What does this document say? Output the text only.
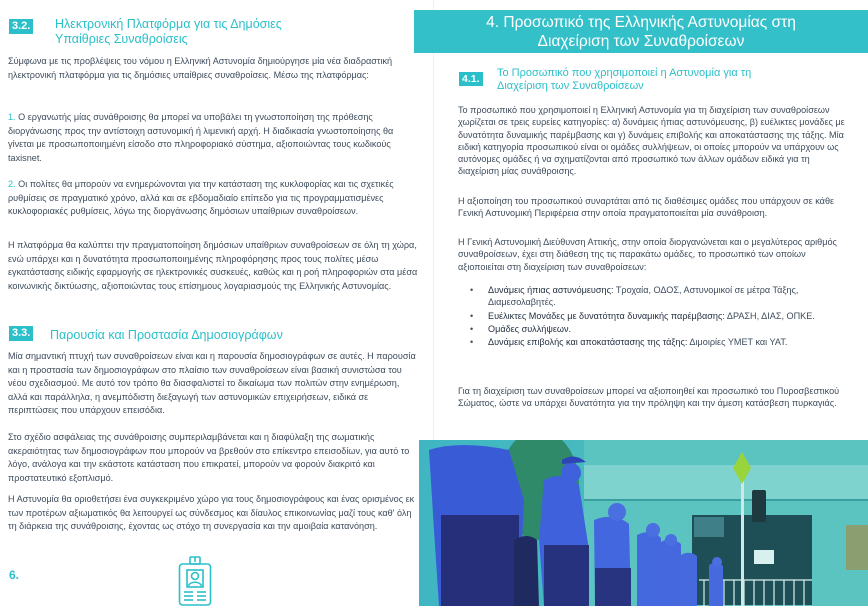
3.2. Ηλεκτρονική Πλατφόρμα για τις Δημόσιες
Υπαίθριες Συναθροίσεις

Σύμφωνα με τις προβλέψεις του νόμου η Ελληνική Αστυνομία δημιούργησε μία νέα διαδραστική ηλεκτρονική πλατφόρμα για τις δημόσιες υπαίθριες συναθροίσεις. Μέσω της πλατφόρμας:

1. Ο εργανωτής μίας συνάθροισης θα μπορεί να υποβάλει τη γνωστοποίηση της πρόθεσης διοργάνωσης προς την αντίστοιχη αστυνομική ή λιμενική αρχή. Η διαδικασία γνωστοποίησης θα γίνεται με προσωποποιημένη είσοδο στο πληροφοριακό σύστημα, αξιοποιώντας τους κωδικούς taxisnet.

2. Οι πολίτες θα μπορούν να ενημερώνονται για την κατάσταση της κυκλοφορίας και τις σχετικές ρυθμίσεις σε πραγματικό χρόνο, αλλά και σε εβδομαδιαίο επίπεδο για τις προγραμματισμένες κυκλοφοριακές ρυθμίσεις, λόγω της διοργάνωσης δημόσιων υπαίθριων συναθροίσεων.

Η πλατφόρμα θα καλύπτει την πραγματοποίηση δημόσιων υπαίθριων συναθροίσεων σε όλη τη χώρα, ενώ υπάρχει και η δυνατότητα προσωποποιημένης πληροφόρησης προς τους πολίτες μέσω εγκατάστασης ειδικής εφαρμογής σε ηλεκτρονικές συσκευές, καθώς και η ροή πληροφοριών στα μέσα κοινωνικής δικτύωσης, αξιοποιώντας τους επίσημους λογαριασμούς της Ελληνικής Αστυνομίας.

3.3. Παρουσία και Προστασία Δημοσιογράφων

Μία σημαντική πτυχή των συναθροίσεων είναι και η παρουσία δημοσιογράφων σε αυτές. Η παρουσία και η προστασία των δημοσιογράφων στο πλαίσιο των συναθροίσεων είναι βασική συνιστώσα του νέου σχεδιασμού. Με αυτό τον τρόπο θα διασφαλιστεί το δικαίωμα των πολιτών στην ενημέρωση, αλλά και παράλληλα, η ανεμπόδιστη διεξαγωγή των αστυνομικών επιχειρήσεων, ειδικά σε περιπτώσεις που υπάρχουν επεισόδια.

Στο σχέδιο ασφάλειας της συνάθροισης συμπεριλαμβάνεται και η διαφύλαξη της σωματικής ακεραιότητας των δημοσιογράφων που μπορούν να βρεθούν στο επίκεντρο επεισοδίων, για αυτό το λόγο, ανάλογα και την εκάστοτε κατάσταση που επικρατεί, μπορούν να φορούν διακριτό και προστατευτικό εξοπλισμό.

Η Αστυνομία θα οριοθετήσει ένα συγκεκριμένο χώρο για τους δημοσιογράφους και ένας ορισμένος εκ των προτέρων αξιωματικός θα λειτουργεί ως σύνδεσμος και δίαυλος επικοινωνίας μαζί τους καθ' όλη τη διάρκεια της συνάθροισης, έχοντας ως στόχο τη συνεργασία και την αμοιβαία κατανόηση.

6.
4. Προσωπικό της Ελληνικής Αστυνομίας στη
Διαχείριση των Συναθροίσεων
4.1. Το Προσωπικό που χρησιμοποιεί η Αστυνομία για τη
Διαχείριση των Συναθροίσεων

Το προσωπικό που χρησιμοποιεί η Ελληνική Αστυνομία για τη διαχείριση των συναθροίσεων χωρίζεται σε τρεις ευρείες κατηγορίες: α) δυνάμεις ήπιας αστυνόμευσης, β) ευέλικτες μονάδες με δυνατότητα δυναμικής παρέμβασης και γ) δυνάμεις επιβολής και αποκατάστασης της τάξης. Μία ειδική κατηγορία προσωπικού είναι οι ομάδες συλλήψεων, οι οποίες μπορούν να υπάρχουν ως αυτόνομες ομάδες ή να σχηματίζονται από προσωπικό των άλλων ομάδων ειδικά για τη διαχείριση μίας συνάθροισης.

Η αξιοποίηση του προσωπικού συναρτάται από τις διαθέσιμες ομάδες που υπάρχουν σε κάθε Γενική Αστυνομική Περιφέρεια στην οποία πραγματοποιείται μία συνάθροιση.

Η Γενική Αστυνομική Διεύθυνση Αττικής, στην οποία διοργανώνεται και ο μεγαλύτερος αριθμός συναθροίσεων, έχει στη διάθεση της τις παρακάτω ομάδες, το προσωπικό των οποίων αξιοποιείται στη διαχείριση των συναθροίσεων:

• Δυνάμεις ήπιας αστυνόμευσης: Τροχαία, ΟΔΟΣ, Αστυνομικοί σε μέτρα Τάξης, Διαμεσολαβητές.
• Ευέλικτες Μονάδες με δυνατότητα δυναμικής παρέμβασης: ΔΡΑΣΗ, ΔΙΑΣ, ΟΠΚΕ.
• Ομάδες συλλήψεων.
• Δυνάμεις επιβολής και αποκατάστασης της τάξης: Διμοιρίες ΥΜΕΤ και ΥΑΤ.

Για τη διαχείριση των συναθροίσεων μπορεί να αξιοποιηθεί και προσωπικό του Πυροσβεστικού Σώματος, ώστε να υπάρχει δυνατότητα για την πρόληψη και την άμεση κατάσβεση πυρκαγιάς.
